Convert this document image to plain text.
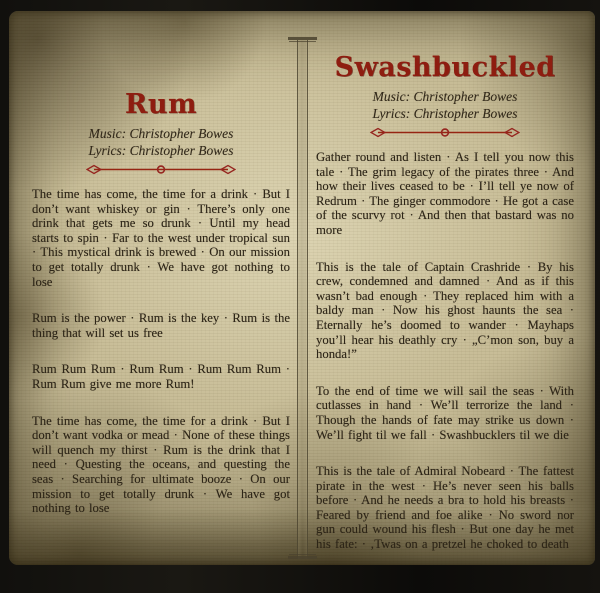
Rum
Music: Christopher Bowes
Lyrics: Christopher Bowes

The time has come, the time for a drink · But I don’t want whiskey or gin · There’s only one drink that gets me so drunk · Until my head starts to spin · Far to the west under tropical sun · This mystical drink is brewed · On our mission to get totally drunk · We have got nothing to lose

Rum is the power · Rum is the key · Rum is the thing that will set us free

Rum Rum Rum · Rum Rum · Rum Rum Rum · Rum Rum give me more Rum!

The time has come, the time for a drink · But I don’t want vodka or mead · None of these things will quench my thirst · Rum is the drink that I need · Questing the oceans, and questing the seas · Searching for ultimate booze · On our mission to get totally drunk · We have got nothing to lose

Swashbuckled
Music: Christopher Bowes
Lyrics: Christopher Bowes

Gather round and listen · As I tell you now this tale · The grim legacy of the pirates three · And how their lives ceased to be · I’ll tell ye now of Redrum · The ginger commodore · He got a case of the scurvy rot · And then that bastard was no more

This is the tale of Captain Crashride · By his crew, condemned and damned · And as if this wasn’t bad enough · They replaced him with a baldy man · Now his ghost haunts the sea · Eternally he’s doomed to wander · Mayhaps you’ll hear his deathly cry · „C’mon son, buy a honda!”

To the end of time we will sail the seas · With cutlasses in hand · We’ll terrorize the land · Though the hands of fate may strike us down · We’ll fight til we fall · Swashbucklers til we die

This is the tale of Admiral Nobeard · The fattest pirate in the west · He’s never seen his balls before · And he needs a bra to hold his breasts · Feared by friend and foe alike · No sword nor gun could wound his flesh · But one day he met his fate: · ‚Twas on a pretzel he choked to death
